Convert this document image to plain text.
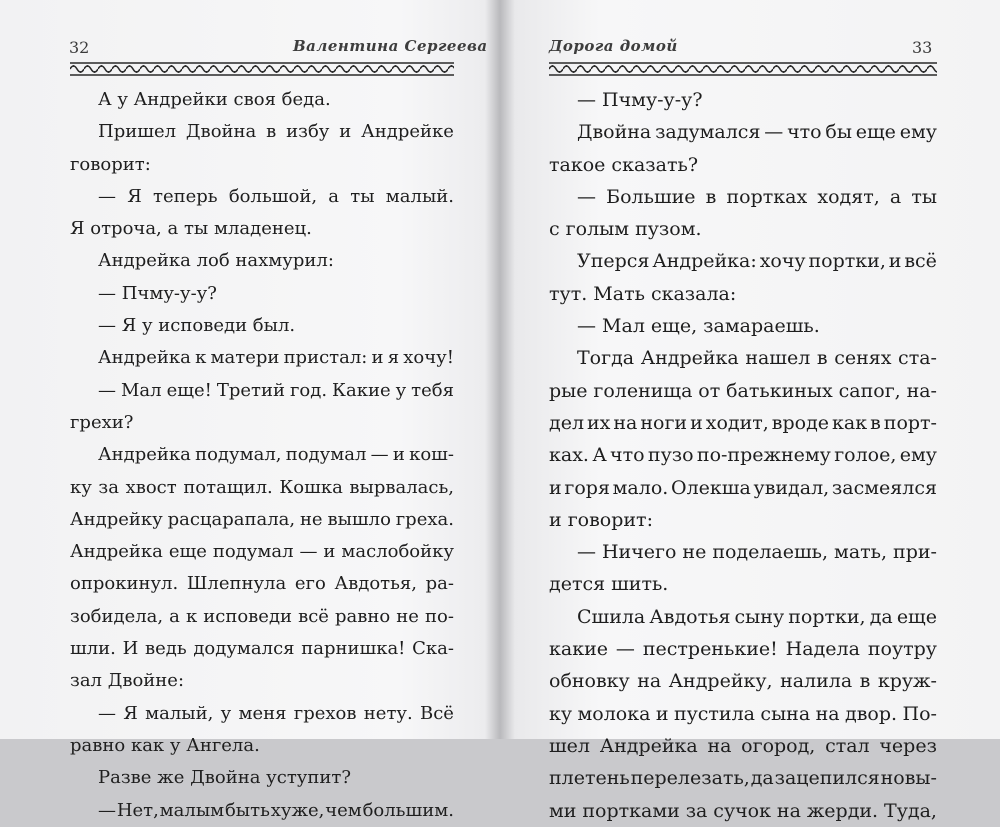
32	Валентина Сергеева
А у Андрейки своя беда.
Пришел Двойна в избу и Андрейке
говорит:
— Я теперь большой, а ты малый.
Я отроча, а ты младенец.
Андрейка лоб нахмурил:
— Пчму-у-у?
— Я у исповеди был.
Андрейка к матери пристал: и я хочу!
— Мал еще! Третий год. Какие у тебя
грехи?
Андрейка подумал, подумал — и кош-
ку за хвост потащил. Кошка вырвалась,
Андрейку расцарапала, не вышло греха.
Андрейка еще подумал — и маслобойку
опрокинул. Шлепнула его Авдотья, ра-
зобидела, а к исповеди всё равно не по-
шли. И ведь додумался парнишка! Ска-
зал Двойне:
— Я малый, у меня грехов нету. Всё
равно как у Ангела.
Разве же Двойна уступит?
— Нет, малым быть хуже, чем большим.
Дорога домой	33
— Пчму-у-у?
Двойна задумался — что бы еще ему
такое сказать?
— Большие в портках ходят, а ты
с голым пузом.
Уперся Андрейка: хочу портки, и всё
тут. Мать сказала:
— Мал еще, замараешь.
Тогда Андрейка нашел в сенях ста-
рые голенища от батькиных сапог, на-
дел их на ноги и ходит, вроде как в порт-
ках. А что пузо по-прежнему голое, ему
и горя мало. Олекша увидал, засмеялся
и говорит:
— Ничего не поделаешь, мать, при-
дется шить.
Сшила Авдотья сыну портки, да еще
какие — пестренькие! Надела поутру
обновку на Андрейку, налила в круж-
ку молока и пустила сына на двор. По-
шел Андрейка на огород, стал через
плетень перелезать, да зацепился новы-
ми портками за сучок на жерди. Туда,
